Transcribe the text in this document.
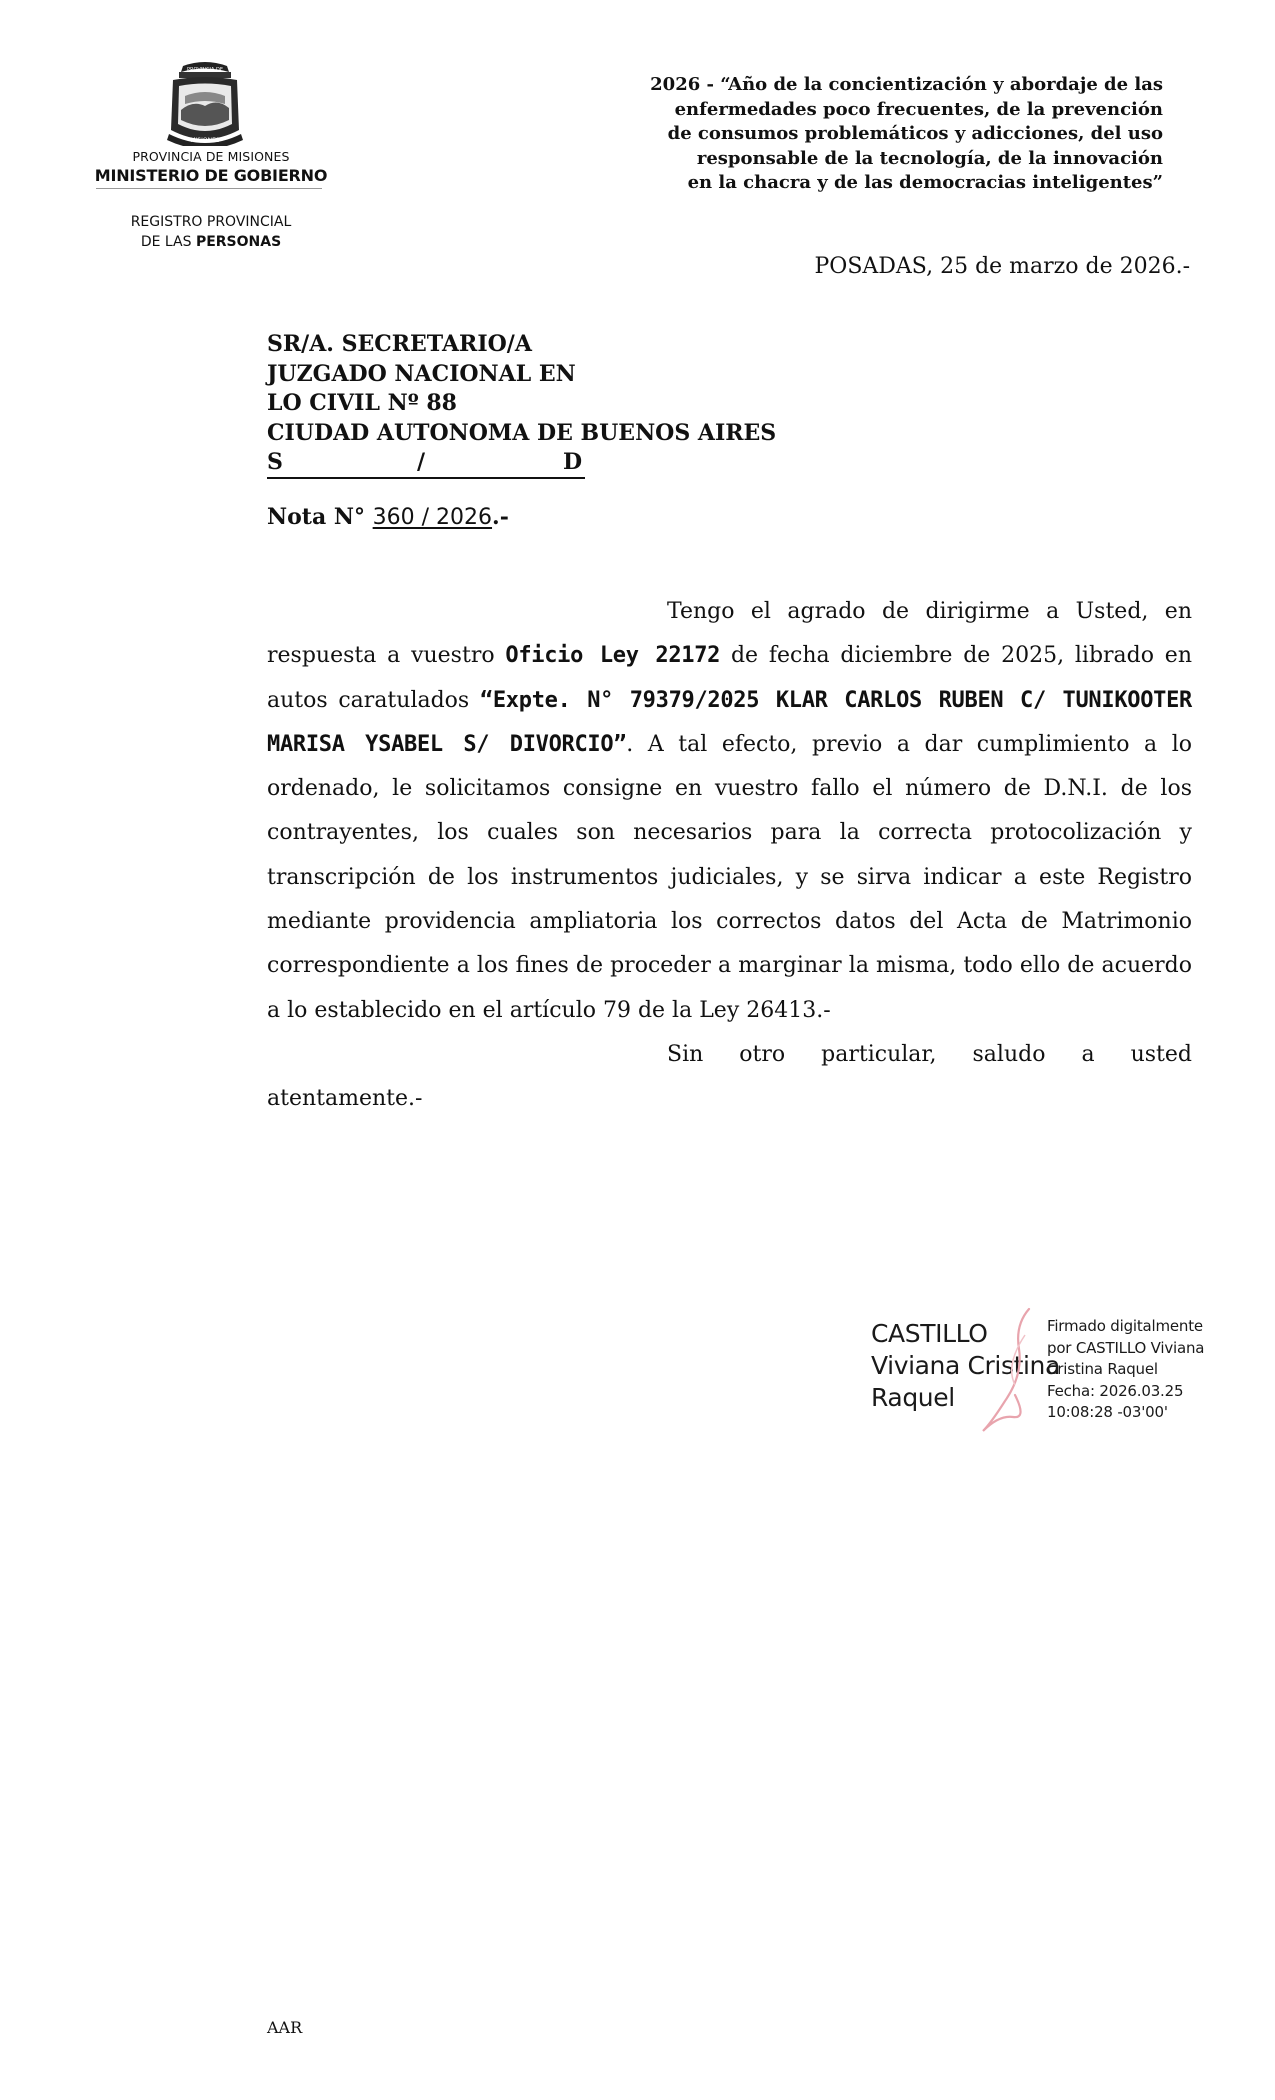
PROVINCIA DE
MISIONES
PROVINCIA DE MISIONES
MINISTERIO DE GOBIERNO
REGISTRO PROVINCIAL
DE LAS PERSONAS
2026 - “Año de la concientización y abordaje de las
enfermedades poco frecuentes, de la prevención
de consumos problemáticos y adicciones, del uso
responsable de la tecnología, de la innovación
en la chacra y de las democracias inteligentes”
POSADAS, 25 de marzo de 2026.-
SR/A. SECRETARIO/A
JUZGADO NACIONAL EN
LO CIVIL Nº 88
CIUDAD AUTONOMA DE BUENOS AIRES
S	/	D
Nota N° 360 / 2026.-

Tengo el agrado de dirigirme a Usted, en respuesta a vuestro Oficio Ley 22172 de fecha diciembre de 2025, librado en autos caratulados “Expte. N° 79379/2025 KLAR CARLOS RUBEN C/ TUNIKOOTER MARISA YSABEL S/ DIVORCIO”. A tal efecto, previo a dar cumplimiento a lo ordenado, le solicitamos consigne en vuestro fallo el número de D.N.I. de los contrayentes, los cuales son necesarios para la correcta protocolización y transcripción de los instrumentos judiciales, y se sirva indicar a este Registro mediante providencia ampliatoria los correctos datos del Acta de Matrimonio correspondiente a los fines de proceder a marginar la misma, todo ello de acuerdo a lo establecido en el artículo 79 de la Ley 26413.-

Sin otro particular, saludo a usted atentamente.-

CASTILLO
Viviana Cristina
Raquel
Firmado digitalmente
por CASTILLO Viviana
Cristina Raquel
Fecha: 2026.03.25
10:08:28 -03'00'
AAR
